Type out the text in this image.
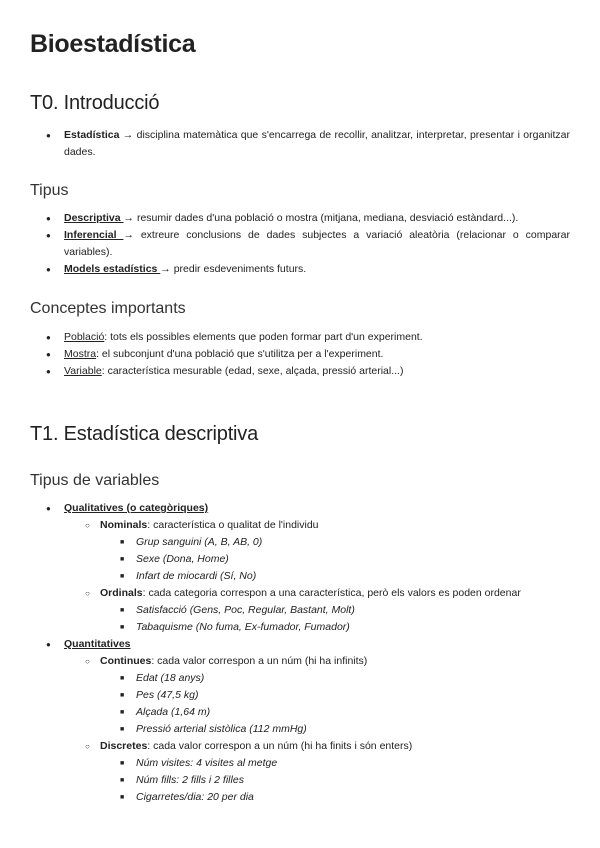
Bioestadística
T0. Introducció
● Estadística → disciplina matemàtica que s'encarrega de recollir, analitzar, interpretar, presentar i organitzar dades.
Tipus
● Descriptiva → resumir dades d'una població o mostra (mitjana, mediana, desviació estàndard...).
● Inferencial → extreure conclusions de dades subjectes a variació aleatòria (relacionar o comparar variables).
● Models estadístics → predir esdeveniments futurs.
Conceptes importants
● Població: tots els possibles elements que poden formar part d'un experiment.
● Mostra: el subconjunt d'una població que s'utilitza per a l'experiment.
● Variable: característica mesurable (edad, sexe, alçada, pressió arterial...)
T1. Estadística descriptiva
Tipus de variables
● Qualitatives (o categòriques)
○ Nominals: característica o qualitat de l'individu
■ Grup sanguini (A, B, AB, 0)
■ Sexe (Dona, Home)
■ Infart de miocardi (Sí, No)
○ Ordinals: cada categoria correspon a una característica, però els valors es poden ordenar
■ Satisfacció (Gens, Poc, Regular, Bastant, Molt)
■ Tabaquisme (No fuma, Ex-fumador, Fumador)
● Quantitatives
○ Continues: cada valor correspon a un núm (hi ha infinits)
■ Edat (18 anys)
■ Pes (47,5 kg)
■ Alçada (1,64 m)
■ Pressió arterial sistòlica (112 mmHg)
○ Discretes: cada valor correspon a un núm (hi ha finits i són enters)
■ Núm visites: 4 visites al metge
■ Núm fills: 2 fills i 2 filles
■ Cigarretes/dia: 20 per dia
